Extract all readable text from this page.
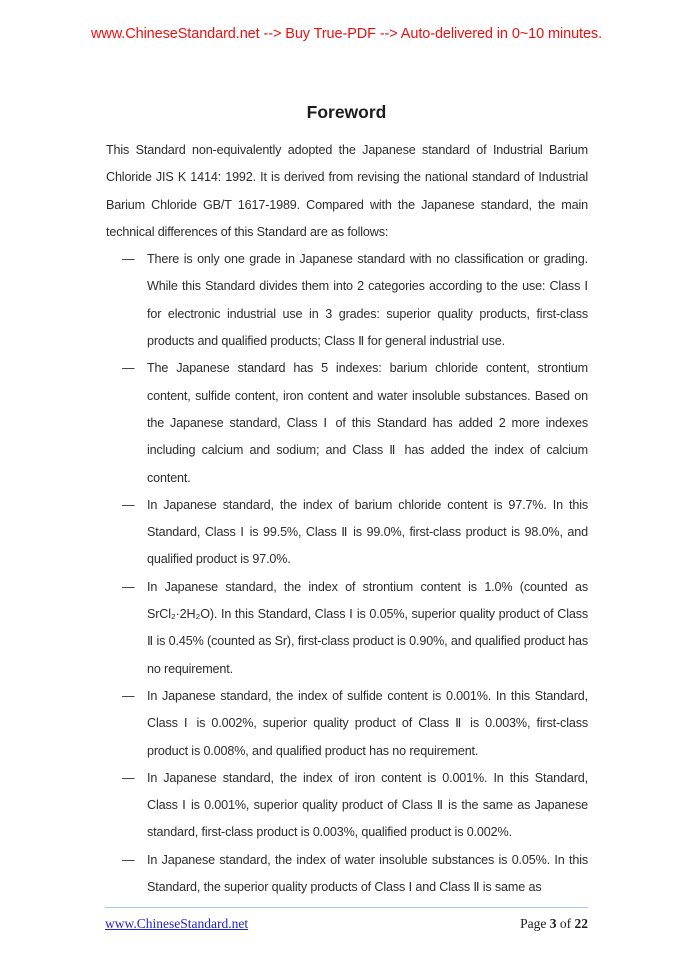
www.ChineseStandard.net --> Buy True-PDF --> Auto-delivered in 0~10 minutes.
Foreword

This Standard non-equivalently adopted the Japanese standard of Industrial Barium Chloride JIS K 1414: 1992. It is derived from revising the national standard of Industrial Barium Chloride GB/T 1617-1989. Compared with the Japanese standard, the main technical differences of this Standard are as follows:

— There is only one grade in Japanese standard with no classification or grading. While this Standard divides them into 2 categories according to the use: Class Ⅰ for electronic industrial use in 3 grades: superior quality products, first-class products and qualified products; Class Ⅱ for general industrial use.
— The Japanese standard has 5 indexes: barium chloride content, strontium content, sulfide content, iron content and water insoluble substances. Based on the Japanese standard, Class Ⅰ of this Standard has added 2 more indexes including calcium and sodium; and Class Ⅱ has added the index of calcium content.
— In Japanese standard, the index of barium chloride content is 97.7%. In this Standard, Class Ⅰ is 99.5%, Class Ⅱ is 99.0%, first-class product is 98.0%, and qualified product is 97.0%.
— In Japanese standard, the index of strontium content is 1.0% (counted as SrCl₂·2H₂O). In this Standard, Class Ⅰ is 0.05%, superior quality product of Class Ⅱ is 0.45% (counted as Sr), first-class product is 0.90%, and qualified product has no requirement.
— In Japanese standard, the index of sulfide content is 0.001%. In this Standard, Class Ⅰ is 0.002%, superior quality product of Class Ⅱ is 0.003%, first-class product is 0.008%, and qualified product has no requirement.
— In Japanese standard, the index of iron content is 0.001%. In this Standard, Class Ⅰ is 0.001%, superior quality product of Class Ⅱ is the same as Japanese standard, first-class product is 0.003%, qualified product is 0.002%.
— In Japanese standard, the index of water insoluble substances is 0.05%. In this Standard, the superior quality products of Class Ⅰ and Class Ⅱ is same as
www.ChineseStandard.net	Page 3 of 22
